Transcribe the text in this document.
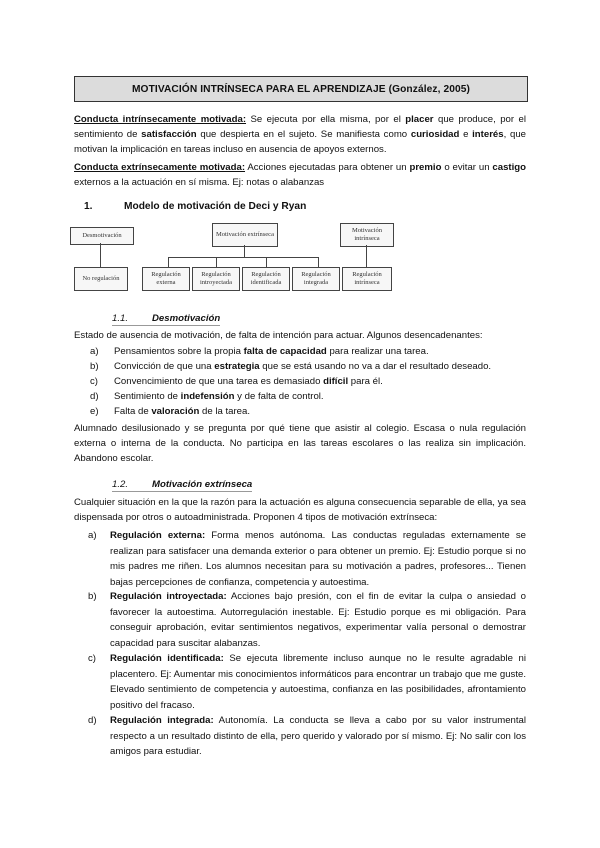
MOTIVACIÓN INTRÍNSECA PARA EL APRENDIZAJE (González, 2005)
Conducta intrínsecamente motivada: Se ejecuta por ella misma, por el placer que produce, por el sentimiento de satisfacción que despierta en el sujeto. Se manifiesta como curiosidad e interés, que motivan la implicación en tareas incluso en ausencia de apoyos externos.
Conducta extrínsecamente motivada: Acciones ejecutadas para obtener un premio o evitar un castigo externos a la actuación en sí misma. Ej: notas o alabanzas
1.	Modelo de motivación de Deci y Ryan
Desmotivación	Motivación extrínseca
Motivación intrínseca
No regulación
Regulación externa
Regulación introyectada
Regulación identificada
Regulación integrada
Regulación intrínseca
1.1. Desmotivación
Estado de ausencia de motivación, de falta de intención para actuar. Algunos desencadenantes:
a) Pensamientos sobre la propia falta de capacidad para realizar una tarea.
b) Convicción de que una estrategia que se está usando no va a dar el resultado deseado.
c) Convencimiento de que una tarea es demasiado difícil para él.
d) Sentimiento de indefensión y de falta de control.
e) Falta de valoración de la tarea.
Alumnado desilusionado y se pregunta por qué tiene que asistir al colegio. Escasa o nula regulación externa o interna de la conducta. No participa en las tareas escolares o las realiza sin implicación. Abandono escolar.
1.2. Motivación extrínseca
Cualquier situación en la que la razón para la actuación es alguna consecuencia separable de ella, ya sea dispensada por otros o autoadministrada. Proponen 4 tipos de motivación extrínseca:
a)	Regulación externa: Forma menos autónoma. Las conductas reguladas externamente se realizan para satisfacer una demanda exterior o para obtener un premio. Ej: Estudio porque si no mis padres me riñen. Los alumnos necesitan para su motivación a padres, profesores... Tienen bajas percepciones de confianza, competencia y autoestima.
b)	Regulación introyectada: Acciones bajo presión, con el fin de evitar la culpa o ansiedad o favorecer la autoestima. Autorregulación inestable. Ej: Estudio porque es mi obligación. Para conseguir aprobación, evitar sentimientos negativos, experimentar valía personal o demostrar capacidad para suscitar alabanzas.
c)	Regulación identificada: Se ejecuta libremente incluso aunque no le resulte agradable ni placentero. Ej: Aumentar mis conocimientos informáticos para encontrar un trabajo que me guste. Elevado sentimiento de competencia y autoestima, confianza en las posibilidades, afrontamiento positivo del fracaso.
d)	Regulación integrada: Autonomía. La conducta se lleva a cabo por su valor instrumental respecto a un resultado distinto de ella, pero querido y valorado por sí mismo. Ej: No salir con los amigos para estudiar.
